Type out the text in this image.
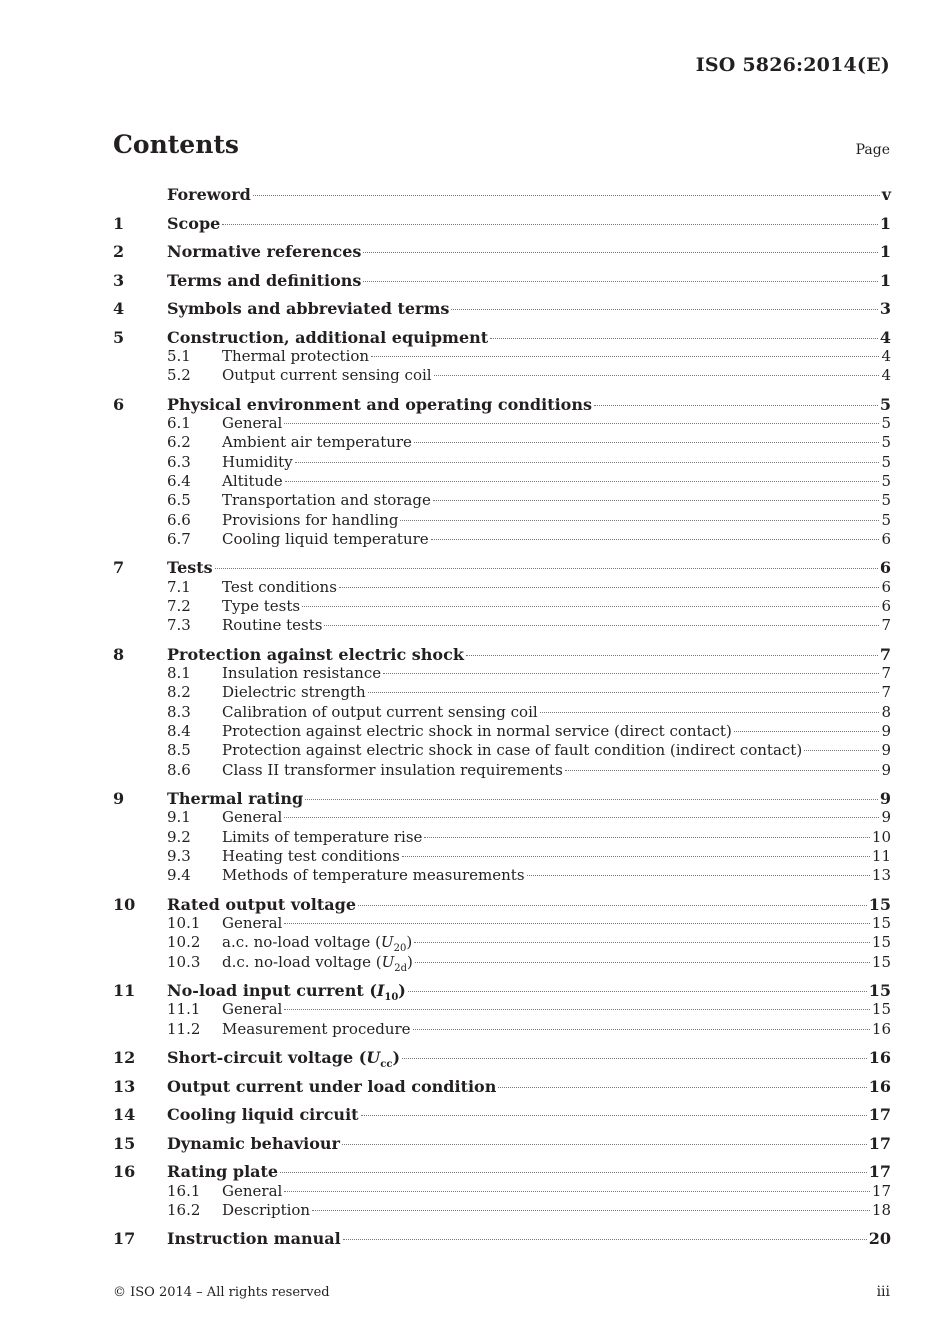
ISO 5826:2014(E)
Contents	Page
Foreword	v
1	Scope	1
2	Normative references	1
3	Terms and definitions	1
4	Symbols and abbreviated terms	3
5	Construction, additional equipment	4
5.1	Thermal protection	4
5.2	Output current sensing coil	4
6	Physical environment and operating conditions	5
6.1	General	5
6.2	Ambient air temperature	5
6.3	Humidity	5
6.4	Altitude	5
6.5	Transportation and storage	5
6.6	Provisions for handling	5
6.7	Cooling liquid temperature	6
7	Tests	6
7.1	Test conditions	6
7.2	Type tests	6
7.3	Routine tests	7
8	Protection against electric shock	7
8.1	Insulation resistance	7
8.2	Dielectric strength	7
8.3	Calibration of output current sensing coil	8
8.4	Protection against electric shock in normal service (direct contact)	9
8.5	Protection against electric shock in case of fault condition (indirect contact)	9
8.6	Class II transformer insulation requirements	9
9	Thermal rating	9
9.1	General	9
9.2	Limits of temperature rise	10
9.3	Heating test conditions	11
9.4	Methods of temperature measurements	13
10	Rated output voltage	15
10.1	General	15
10.2	a.c. no-load voltage $(U_{20})$	15
10.3	d.c. no-load voltage $(U_{2d})$	15
11	No-load input current $(I_{10})$	15
11.1	General	15
11.2	Measurement procedure	16
12	Short-circuit voltage $(U_{cc})$	16
13	Output current under load condition	16
14	Cooling liquid circuit	17
15	Dynamic behaviour	17
16	Rating plate	17
16.1	General	17
16.2	Description	18
17	Instruction manual	20
© ISO 2014 – All rights reserved	iii
